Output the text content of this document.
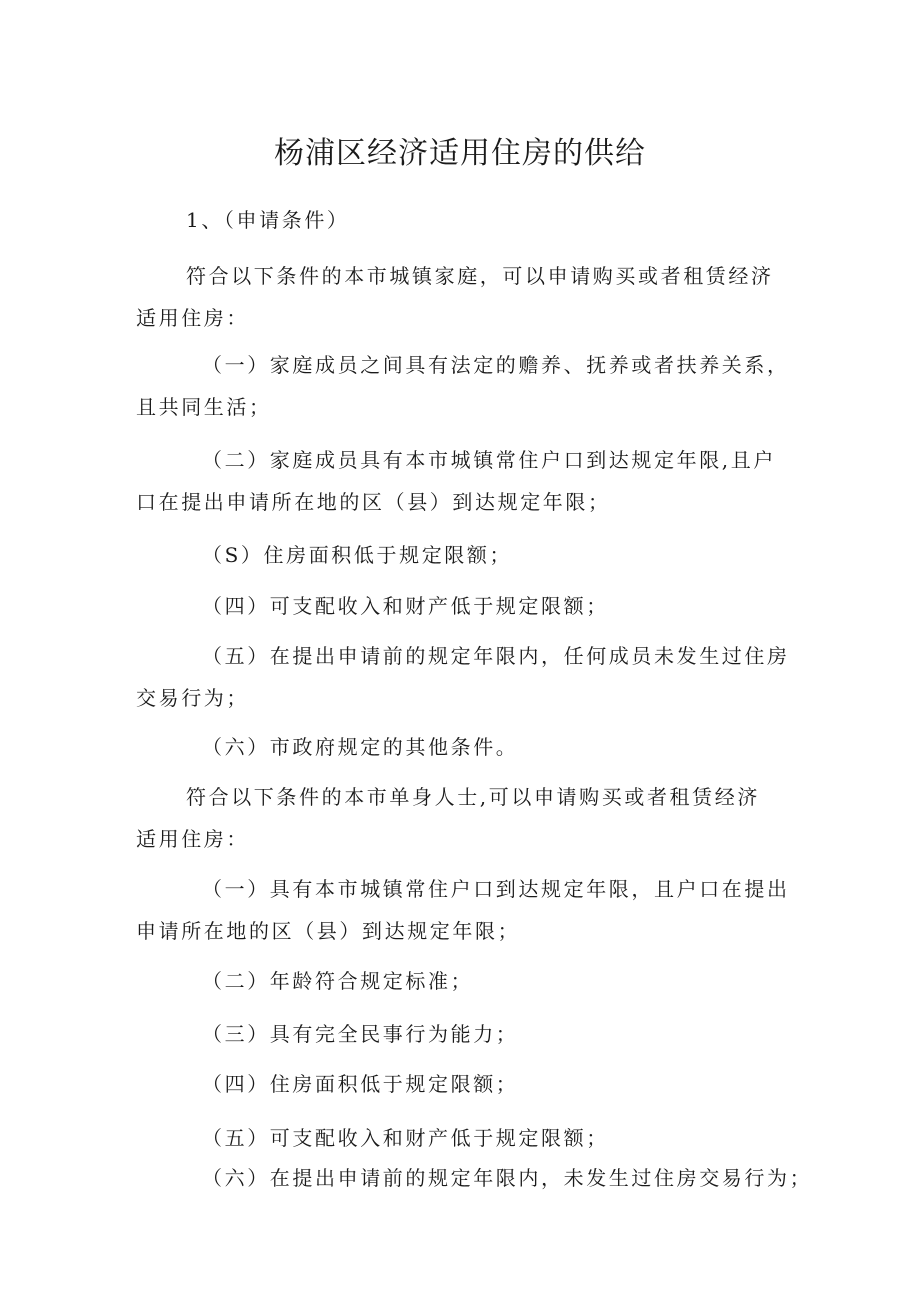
杨浦区经济适用住房的供给

1、（申请条件）

符合以下条件的本市城镇家庭，可以申请购买或者租赁经济

适用住房：

（一）家庭成员之间具有法定的赡养、抚养或者扶养关系，

且共同生活；

（二）家庭成员具有本市城镇常住户口到达规定年限,且户

口在提出申请所在地的区（县）到达规定年限；

（S）住房面积低于规定限额；

（四）可支配收入和财产低于规定限额；

（五）在提出申请前的规定年限内，任何成员未发生过住房

交易行为；

（六）市政府规定的其他条件。

符合以下条件的本市单身人士,可以申请购买或者租赁经济

适用住房：

（一）具有本市城镇常住户口到达规定年限，且户口在提出

申请所在地的区（县）到达规定年限；

（二）年龄符合规定标准；

（三）具有完全民事行为能力；

（四）住房面积低于规定限额；

（五）可支配收入和财产低于规定限额；

（六）在提出申请前的规定年限内，未发生过住房交易行为；
